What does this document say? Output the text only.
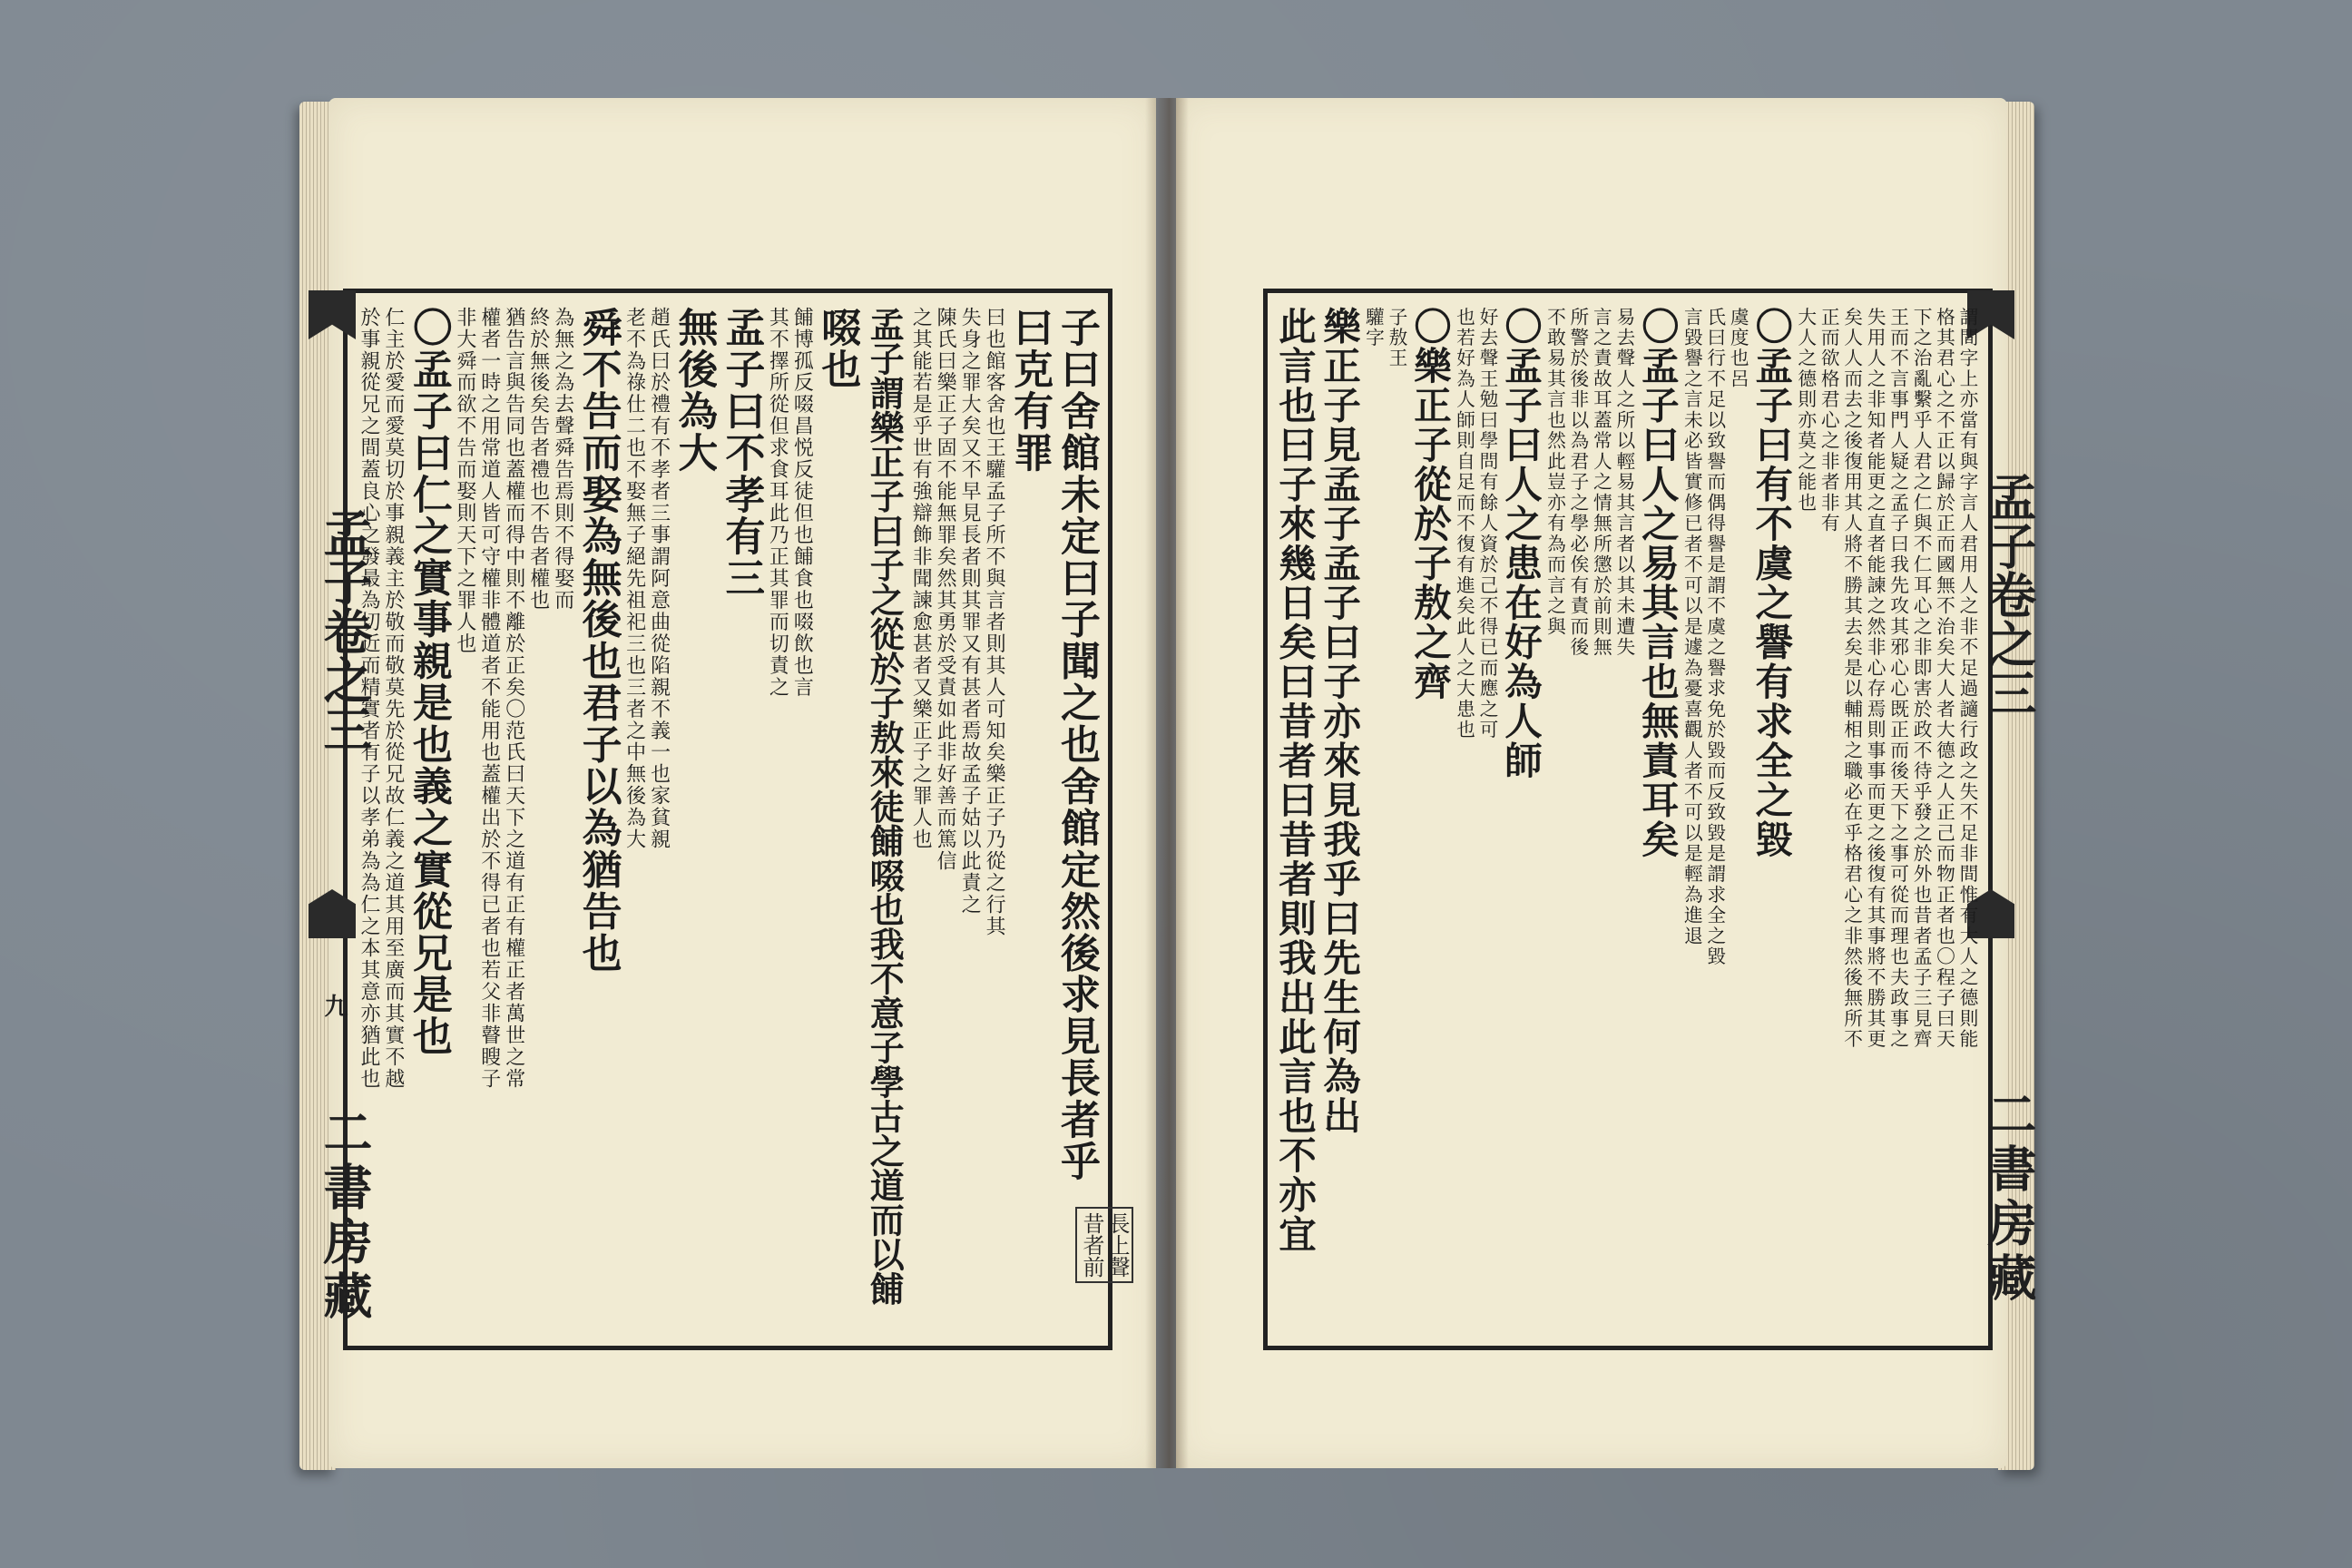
孟子卷之三
九
二書房藏
孟子卷之三
二書房藏
長上聲
昔者前
子曰舍館未定曰子聞之也舍館定然後求見長者乎
曰克有罪
曰也館客舍也王驩孟子所不與言者則其人可知矣樂正子乃從之行其
失身之罪大矣又不早見長者則其罪又有甚者焉故孟子姑以此責之
陳氏曰樂正子固不能無罪矣然其勇於受責如此非好善而篤信
之其能若是乎世有強辯飾非聞諫愈甚者又樂正子之罪人也
孟子謂樂正子曰子之從於子敖來徒餔啜也我不意子學古之道而以餔
啜也
餔博孤反啜昌悦反徒但也餔食也啜飲也言
其不擇所從但求食耳此乃正其罪而切責之
孟子曰不孝有三
無後為大
趙氏曰於禮有不孝者三事謂阿意曲從陷親不義一也家貧親
老不為祿仕二也不娶無子絕先祖祀三也三者之中無後為大
舜不告而娶為無後也君子以為猶告也
為無之為去聲舜告焉則不得娶而
終於無後矣告者禮也不告者權也
猶告言與告同也蓋權而得中則不離於正矣〇范氏曰天下之道有正有權正者萬世之常
權者一時之用常道人皆可守權非體道者不能用也蓋權出於不得已者也若父非瞽瞍子
非大舜而欲不告而娶則天下之罪人也
〇孟子曰仁之實事親是也義之實從兄是也
仁主於愛而愛莫切於事親義主於敬而敬莫先於從兄故仁義之道其用至廣而其實不越
於事親從兄之間蓋良心之發最為切近而精實者有子以孝弟為為仁之本其意亦猶此也	謂間字上亦當有與字言人君用人之非不足過讁行政之失不足非間惟有大人之德則能
格其君心之不正以歸於正而國無不治矣大人者大德之人正己而物正者也〇程子曰天
下之治亂繫乎人君之仁與不仁耳心之非即害於政不待乎發之於外也昔者孟子三見齊
王而不言事門人疑之孟子曰我先攻其邪心心既正而後天下之事可從而理也夫政事之
失用人之非知者能更之直者能諫之然非心存焉則事事而更之後復有其事將不勝其更
矣人人而去之後復用其人將不勝其去矣是以輔相之職必在乎格君心之非然後無所不
正而欲格君心之非者非有
大人之德則亦莫之能也
〇孟子曰有不虞之譽有求全之毀
虞度也呂
氏曰行不足以致譽而偶得譽是謂不虞之譽求免於毀而反致毀是謂求全之毀
言毀譽之言未必皆實修已者不可以是遽為憂喜觀人者不可以是輕為進退
〇孟子曰人之易其言也無責耳矣
易去聲人之所以輕易其言者以其未遭失
言之責故耳蓋常人之情無所懲於前則無
所警於後非以為君子之學必俟有責而後
不敢易其言也然此豈亦有為而言之與
〇孟子曰人之患在好為人師
好去聲王勉曰學問有餘人資於己不得已而應之可
也若好為人師則自足而不復有進矣此人之大患也
〇樂正子從於子敖之齊
子敖王
驩字
樂正子見孟子孟子曰子亦來見我乎曰先生何為出
此言也曰子來幾日矣曰昔者曰昔者則我出此言也不亦宜
